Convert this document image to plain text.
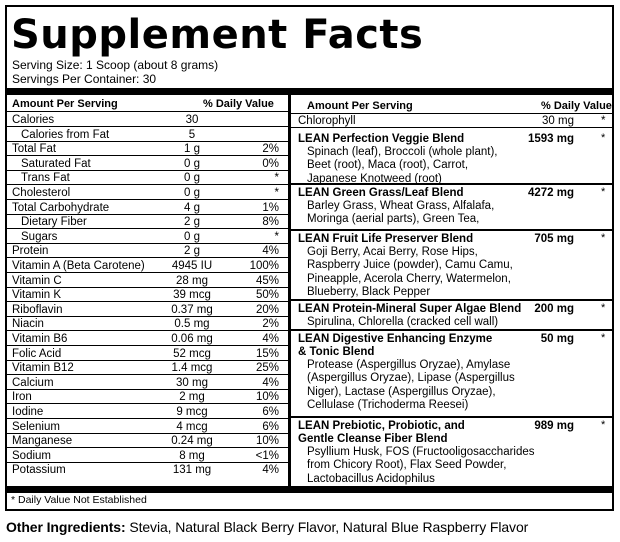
Supplement Facts
Serving Size: 1 Scoop (about 8 grams)
Servings Per Container: 30
Amount Per Serving	% Daily Value
Calories	30
Calories from Fat	5
Total Fat	1 g	2%
Saturated Fat	0 g	0%
Trans Fat	0 g	*
Cholesterol	0 g	*
Total Carbohydrate	4 g	1%
Dietary Fiber	2 g	8%
Sugars	0 g	*
Protein	2 g	4%
Vitamin A (Beta Carotene)	4945 IU	100%
Vitamin C	28 mg	45%
Vitamin K	39 mcg	50%
Riboflavin	0.37 mg	20%
Niacin	0.5 mg	2%
Vitamin B6	0.06 mg	4%
Folic Acid	52 mcg	15%
Vitamin B12	1.4 mcg	25%
Calcium	30 mg	4%
Iron	2 mg	10%
Iodine	9 mcg	6%
Selenium	4 mcg	6%
Manganese	0.24 mg	10%
Sodium	8 mg	<1%
Potassium	131 mg	4%
Amount Per Serving	% Daily Value
Chlorophyll	30 mg *
LEAN Perfection Veggie Blend	1593 mg *
Spinach (leaf), Broccoli (whole plant),
Beet (root), Maca (root), Carrot,
Japanese Knotweed (root)
LEAN Green Grass/Leaf Blend	4272 mg *
Barley Grass, Wheat Grass, Alfalafa,
Moringa (aerial parts), Green Tea,
LEAN Fruit Life Preserver Blend	705 mg *
Goji Berry, Acai Berry, Rose Hips,
Raspberry Juice (powder), Camu Camu,
Pineapple, Acerola Cherry, Watermelon,
Blueberry, Black Pepper
LEAN Protein-Mineral Super Algae Blend	200 mg *
Spirulina, Chlorella (cracked cell wall)
LEAN Digestive Enhancing Enzyme
& Tonic Blend
50 mg *
Protease (Aspergillus Oryzae), Amylase
(Aspergillus Oryzae), Lipase (Aspergillus
Niger), Lactase (Aspergillus Oryzae),
Cellulase (Trichoderma Reesei)
LEAN Prebiotic, Probiotic, and
Gentle Cleanse Fiber Blend
989 mg *
Psyllium Husk, FOS (Fructooligosaccharides
from Chicory Root), Flax Seed Powder,
Lactobacillus Acidophilus
* Daily Value Not Established
Other Ingredients: Stevia, Natural Black Berry Flavor, Natural Blue Raspberry Flavor
